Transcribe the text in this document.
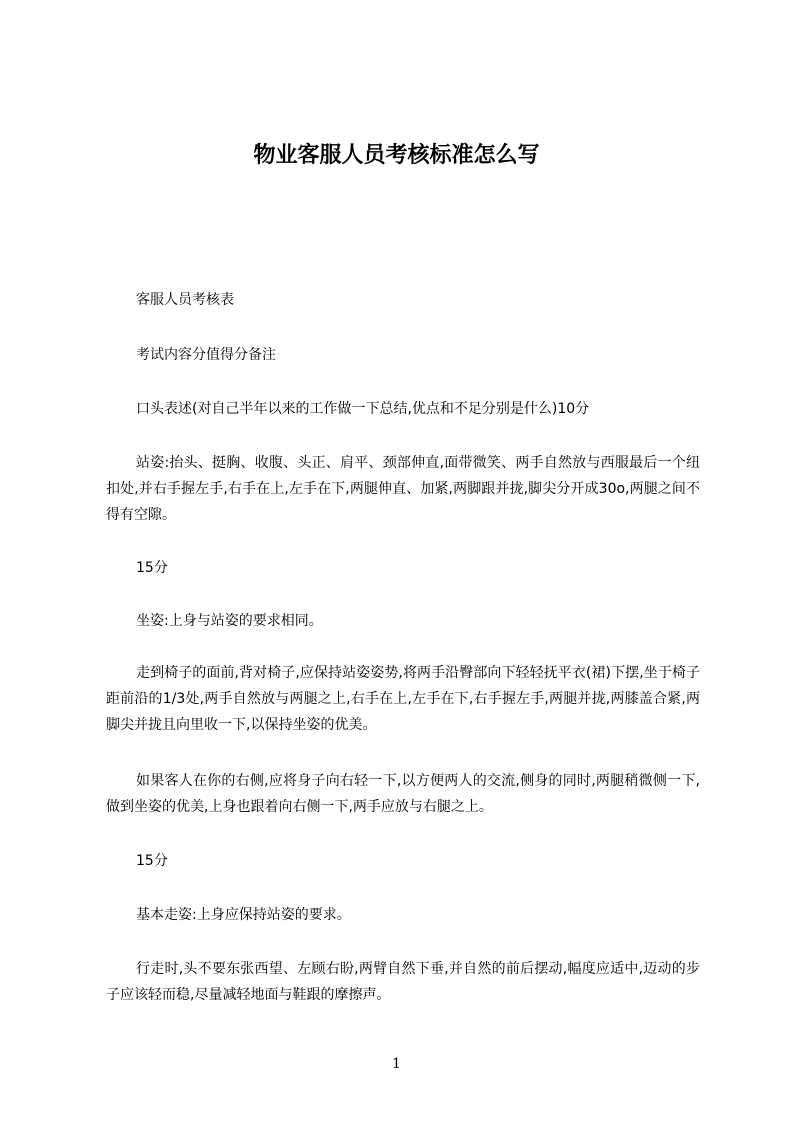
物业客服人员考核标准怎么写

客服人员考核表

考试内容分值得分备注

口头表述(对自己半年以来的工作做一下总结,优点和不足分别是什么)10分

站姿:抬头、挺胸、收腹、头正、肩平、颈部伸直,面带微笑、两手自然放与西服最后一个纽扣处,并右手握左手,右手在上,左手在下,两腿伸直、加紧,两脚跟并拢,脚尖分开成30o,两腿之间不得有空隙。

15分

坐姿:上身与站姿的要求相同。

走到椅子的面前,背对椅子,应保持站姿姿势,将两手沿臀部向下轻轻抚平衣(裙)下摆,坐于椅子距前沿的1/3处,两手自然放与两腿之上,右手在上,左手在下,右手握左手,两腿并拢,两膝盖合紧,两脚尖并拢且向里收一下,以保持坐姿的优美。

如果客人在你的右侧,应将身子向右轻一下,以方便两人的交流,侧身的同时,两腿稍微侧一下,做到坐姿的优美,上身也跟着向右侧一下,两手应放与右腿之上。

15分

基本走姿:上身应保持站姿的要求。

行走时,头不要东张西望、左顾右盼,两臂自然下垂,并自然的前后摆动,幅度应适中,迈动的步子应该轻而稳,尽量减轻地面与鞋跟的摩擦声。

1
